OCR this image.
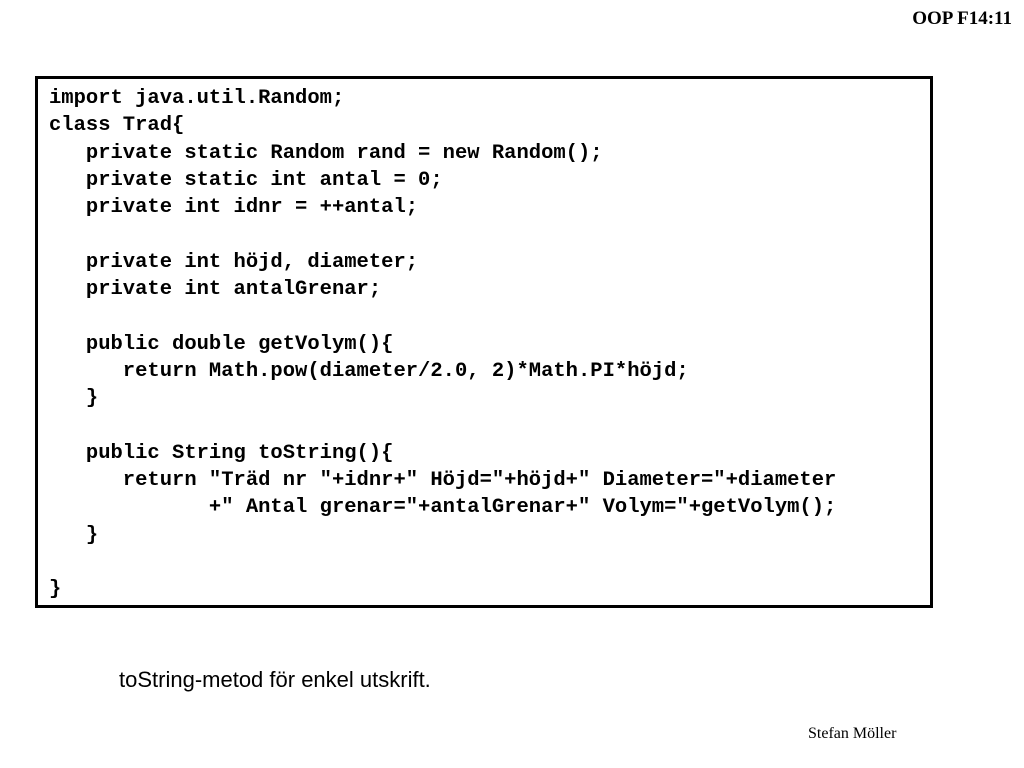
OOP F14:11
import java.util.Random;
class Trad{
private static Random rand = new Random();
private static int antal = 0;
private int idnr = ++antal;
private int höjd, diameter;
private int antalGrenar;
public double getVolym(){
return Math.pow(diameter/2.0, 2)*Math.PI*höjd;
}
public String toString(){
return "Träd nr "+idnr+" Höjd="+höjd+" Diameter="+diameter
+" Antal grenar="+antalGrenar+" Volym="+getVolym();
}
}
toString-metod för enkel utskrift.
Stefan Möller
